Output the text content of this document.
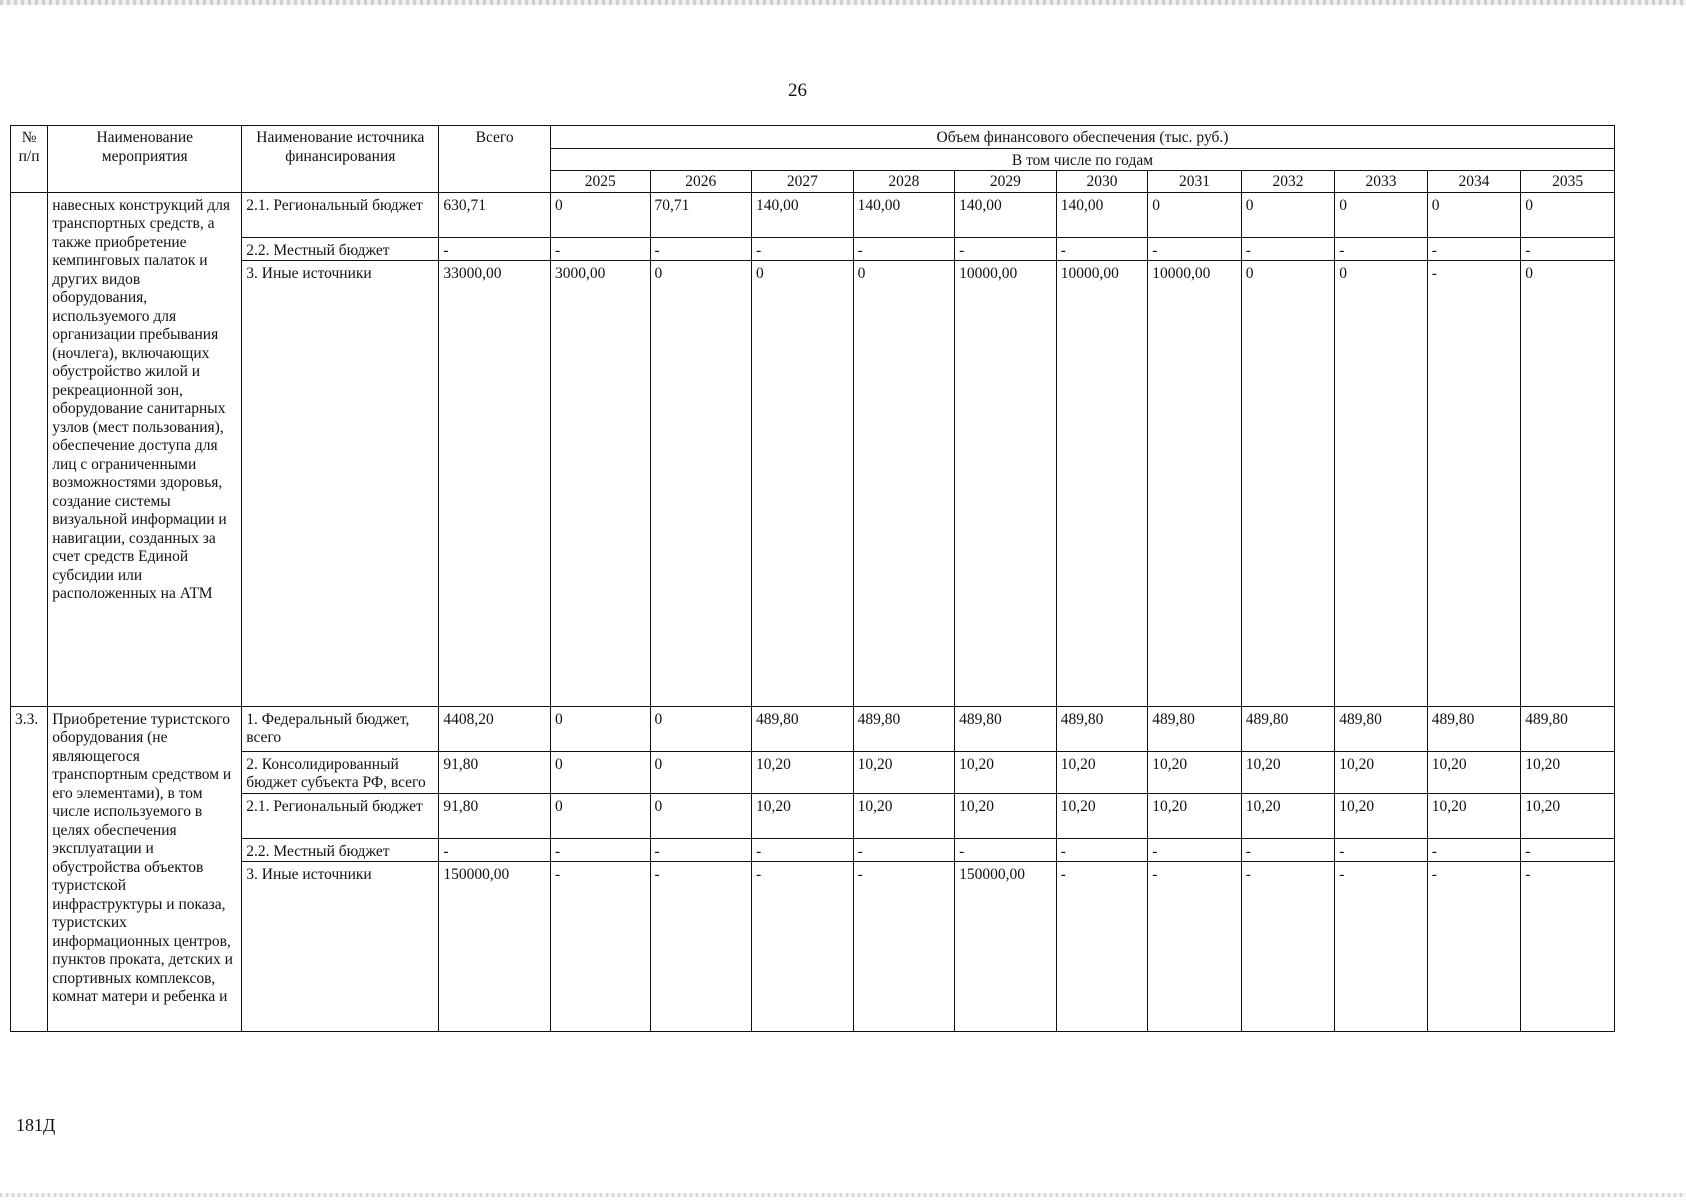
26
№ п/п	Наименование мероприятия	Наименование источника финансирования	Всего	Объем финансового обеспечения (тыс. руб.)										
				В том числе по годам										
				2025	2026	2027	2028	2029	2030	2031	2032	2033	2034	2035
	навесных конструкций для транспортных средств, а также приобретение кемпинговых палаток и других видов оборудования, используемого для организации пребывания (ночлега), включающих обустройство жилой и рекреационной зон, оборудование санитарных узлов (мест пользования), обеспечение доступа для лиц с ограниченными возможностями здоровья, создание системы визуальной информации и навигации, созданных за счет средств Единой субсидии или расположенных на АТМ	2.1. Региональный бюджет	630,71	0	70,71	140,00	140,00	140,00	140,00	0	0	0	0	0
		2.2. Местный бюджет	-	-	-	-	-	-	-	-	-	-	-	-
		3. Иные источники	33000,00	3000,00	0	0	0	10000,00	10000,00	10000,00	0	0	-	0
3.3.	Приобретение туристского оборудования (не являющегося транспортным средством и его элементами), в том числе используемого в целях обеспечения эксплуатации и обустройства объектов туристской инфраструктуры и показа, туристских информационных центров, пунктов проката, детских и спортивных комплексов, комнат матери и ребенка и	1. Федеральный бюджет, всего	4408,20	0	0	489,80	489,80	489,80	489,80	489,80	489,80	489,80	489,80	489,80
		2. Консолидированный бюджет субъекта РФ, всего	91,80	0	0	10,20	10,20	10,20	10,20	10,20	10,20	10,20	10,20	10,20
		2.1. Региональный бюджет	91,80	0	0	10,20	10,20	10,20	10,20	10,20	10,20	10,20	10,20	10,20
		2.2. Местный бюджет	-	-	-	-	-	-	-	-	-	-	-	-
		3. Иные источники	150000,00	-	-	-	-	150000,00	-	-	-	-	-	-
181Д
